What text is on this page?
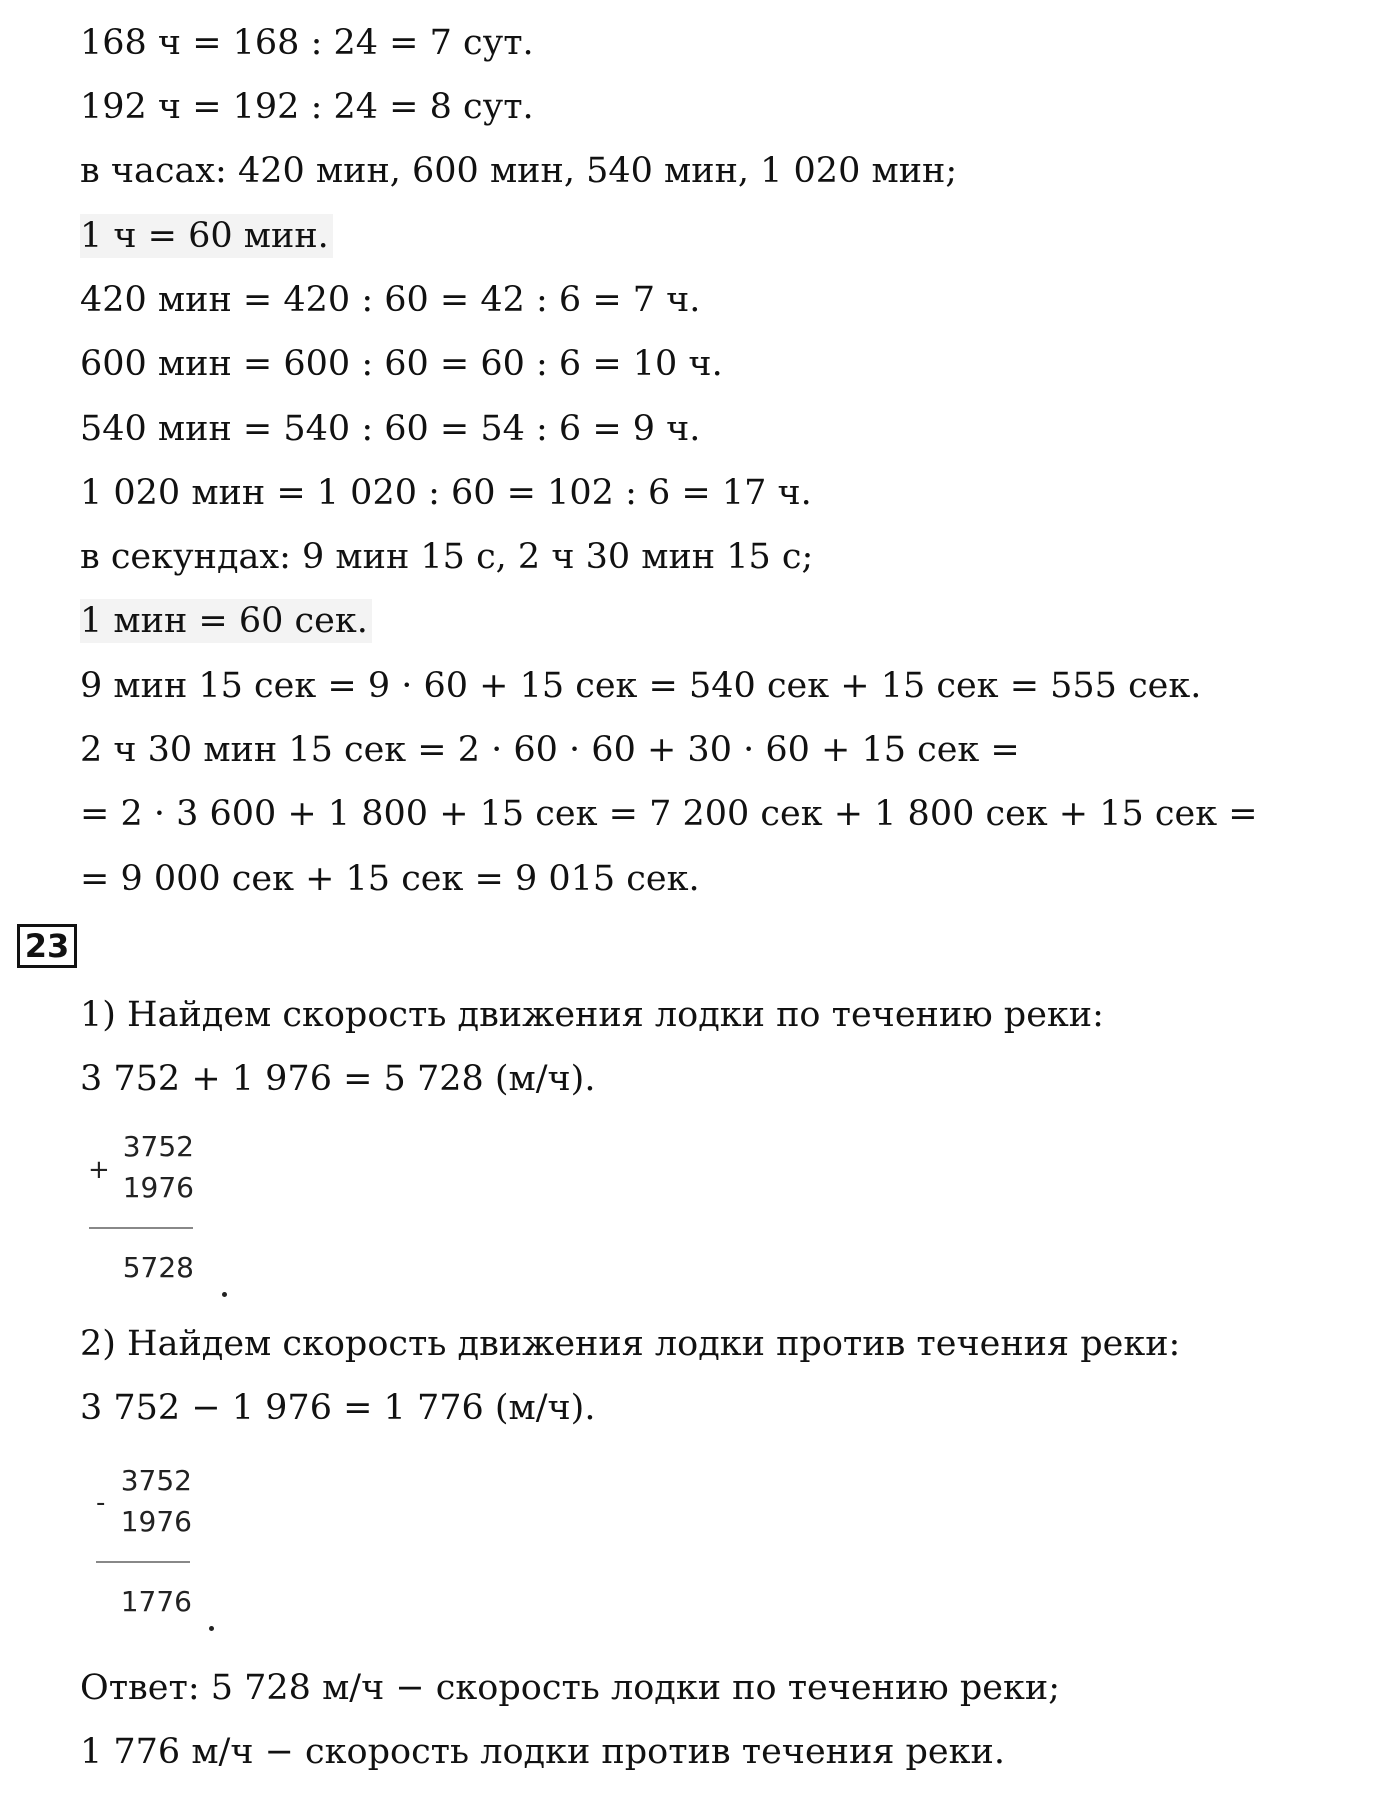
168 ч = 168 : 24 = 7 сут.
192 ч = 192 : 24 = 8 сут.
в часах: 420 мин, 600 мин, 540 мин, 1 020 мин;
1 ч = 60 мин.
420 мин = 420 : 60 = 42 : 6 = 7 ч.
600 мин = 600 : 60 = 60 : 6 = 10 ч.
540 мин = 540 : 60 = 54 : 6 = 9 ч.
1 020 мин = 1 020 : 60 = 102 : 6 = 17 ч.
в секундах: 9 мин 15 с, 2 ч 30 мин 15 с;
1 мин = 60 сек.
9 мин 15 сек = 9 · 60 + 15 сек = 540 сек + 15 сек = 555 сек.
2 ч 30 мин 15 сек = 2 · 60 · 60 + 30 · 60 + 15 сек =
= 2 · 3 600 + 1 800 + 15 сек = 7 200 сек + 1 800 сек + 15 сек =
= 9 000 сек + 15 сек = 9 015 сек.
23
1) Найдем скорость движения лодки по течению реки:
3 752 + 1 976 = 5 728 (м/ч).
+
3752
1976
5728
2) Найдем скорость движения лодки против течения реки:
3 752 − 1 976 = 1 776 (м/ч).
-
3752
1976
1776
Ответ: 5 728 м/ч − скорость лодки по течению реки;
1 776 м/ч − скорость лодки против течения реки.
